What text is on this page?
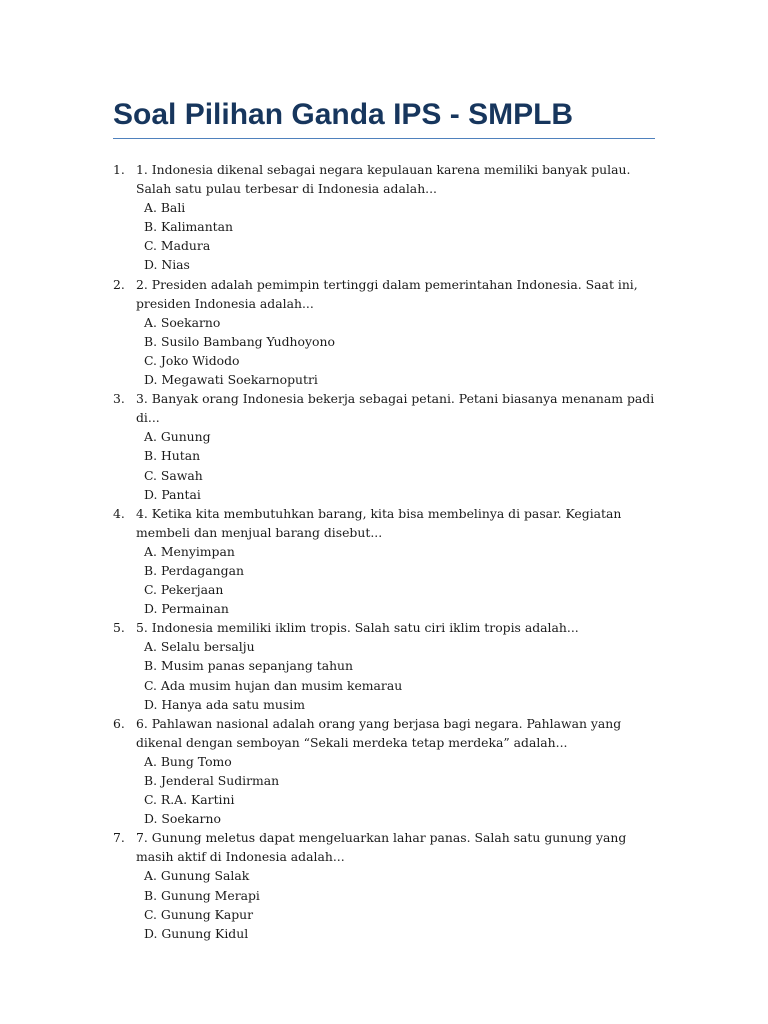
Soal Pilihan Ganda IPS - SMPLB
1. 1. Indonesia dikenal sebagai negara kepulauan karena memiliki banyak pulau. Salah satu pulau terbesar di Indonesia adalah...
A. Bali
B. Kalimantan
C. Madura
D. Nias
2. 2. Presiden adalah pemimpin tertinggi dalam pemerintahan Indonesia. Saat ini, presiden Indonesia adalah...
A. Soekarno
B. Susilo Bambang Yudhoyono
C. Joko Widodo
D. Megawati Soekarnoputri
3. 3. Banyak orang Indonesia bekerja sebagai petani. Petani biasanya menanam padi di...
A. Gunung
B. Hutan
C. Sawah
D. Pantai
4. 4. Ketika kita membutuhkan barang, kita bisa membelinya di pasar. Kegiatan membeli dan menjual barang disebut...
A. Menyimpan
B. Perdagangan
C. Pekerjaan
D. Permainan
5. 5. Indonesia memiliki iklim tropis. Salah satu ciri iklim tropis adalah...
A. Selalu bersalju
B. Musim panas sepanjang tahun
C. Ada musim hujan dan musim kemarau
D. Hanya ada satu musim
6. 6. Pahlawan nasional adalah orang yang berjasa bagi negara. Pahlawan yang dikenal dengan semboyan “Sekali merdeka tetap merdeka” adalah...
A. Bung Tomo
B. Jenderal Sudirman
C. R.A. Kartini
D. Soekarno
7. 7. Gunung meletus dapat mengeluarkan lahar panas. Salah satu gunung yang masih aktif di Indonesia adalah...
A. Gunung Salak
B. Gunung Merapi
C. Gunung Kapur
D. Gunung Kidul
